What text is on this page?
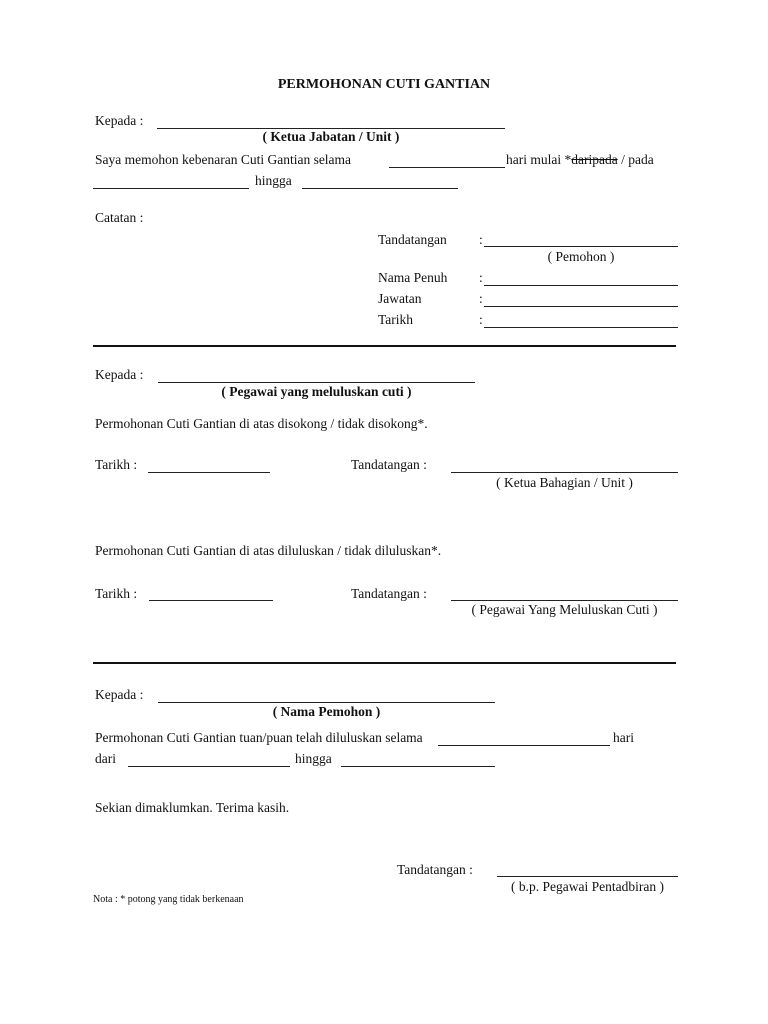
PERMOHONAN CUTI GANTIAN
Kepada :
( Ketua Jabatan / Unit )
Saya memohon kebenaran Cuti Gantian selama	hari mulai *daripada / pada
hingga
Catatan :
Tandatangan :
( Pemohon )
Nama Penuh :
Jawatan	:
Tarikh	:
Kepada :
( Pegawai yang meluluskan cuti )
Permohonan Cuti Gantian di atas disokong / tidak disokong*.
Tarikh :	Tandatangan :
( Ketua Bahagian / Unit )
Permohonan Cuti Gantian di atas diluluskan / tidak diluluskan*.
Tarikh :	Tandatangan :
( Pegawai Yang Meluluskan Cuti )
Kepada :
( Nama Pemohon )
Permohonan Cuti Gantian tuan/puan telah diluluskan selama	hari
dari	hingga
Sekian dimaklumkan. Terima kasih.
Tandatangan :
( b.p. Pegawai Pentadbiran )
Nota : * potong yang tidak berkenaan
